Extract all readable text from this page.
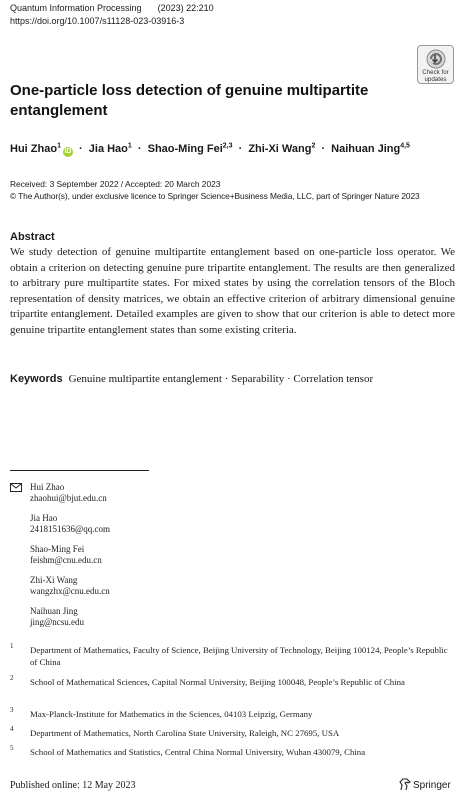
Quantum Information Processing (2023) 22:210
https://doi.org/10.1007/s11128-023-03916-3
Check for
updates
One-particle loss detection of genuine multipartite entanglement
Hui Zhao$^1$iD · Jia Hao$^1$ · Shao-Ming Fei$^{2,3}$ · Zhi-Xi Wang$^2$ · Naihuan Jing$^{4,5}$
Received: 3 September 2022 / Accepted: 20 March 2023
© The Author(s), under exclusive licence to Springer Science+Business Media, LLC, part of Springer Nature 2023
Abstract

We study detection of genuine multipartite entanglement based on one-particle loss operator. We obtain a criterion on detecting genuine pure tripartite entanglement. The results are then generalized to arbitrary pure multipartite states. For mixed states by using the correlation tensors of the Bloch representation of density matrices, we obtain an effective criterion of arbitrary dimensional genuine tripartite entanglement. Detailed examples are given to show that our criterion is able to detect more genuine tripartite entanglement states than some existing criteria.

Keywords Genuine multipartite entanglement · Separability · Correlation tensor
Hui Zhao
zhaohui@bjut.edu.cn
Jia Hao
2418151636@qq.com
Shao-Ming Fei
feishm@cnu.edu.cn
Zhi-Xi Wang
wangzhx@cnu.edu.cn
Naihuan Jing
jing@ncsu.edu
1 Department of Mathematics, Faculty of Science, Beijing University of Technology, Beijing 100124, People’s Republic of China
2 School of Mathematical Sciences, Capital Normal University, Beijing 100048, People’s Republic of China
3 Max-Planck-Institute for Mathematics in the Sciences, 04103 Leipzig, Germany
4 Department of Mathematics, North Carolina State University, Raleigh, NC 27695, USA
5 School of Mathematics and Statistics, Central China Normal University, Wuhan 430079, China
Published online: 12 May 2023	Springer
